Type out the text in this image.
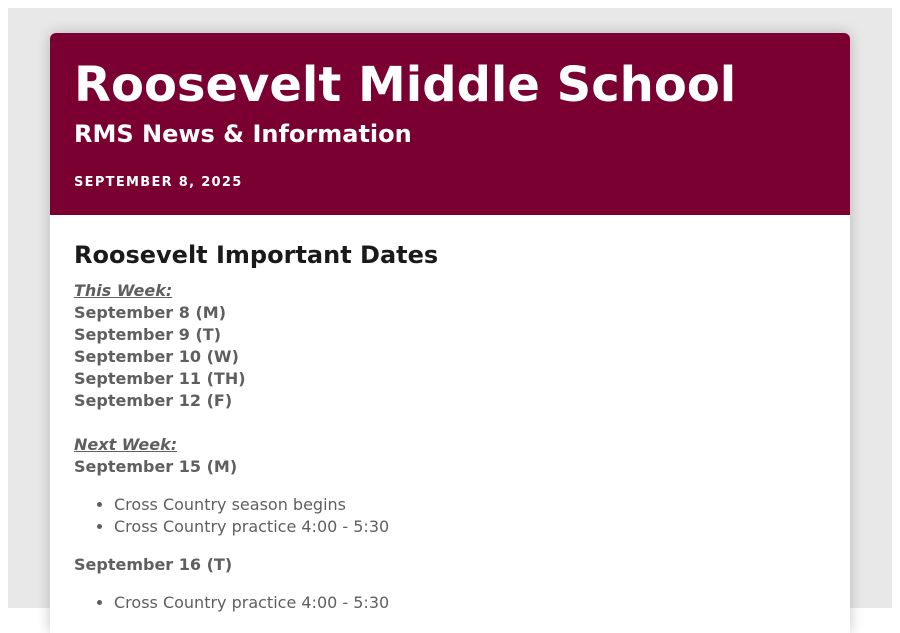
Roosevelt Middle School
RMS News & Information
SEPTEMBER 8, 2025
Roosevelt Important Dates
This Week:
September 8 (M)
September 9 (T)
September 10 (W)
September 11 (TH)
September 12 (F)
Next Week:
September 15 (M)
• Cross Country season begins
• Cross Country practice 4:00 - 5:30
September 16 (T)
• Cross Country practice 4:00 - 5:30
